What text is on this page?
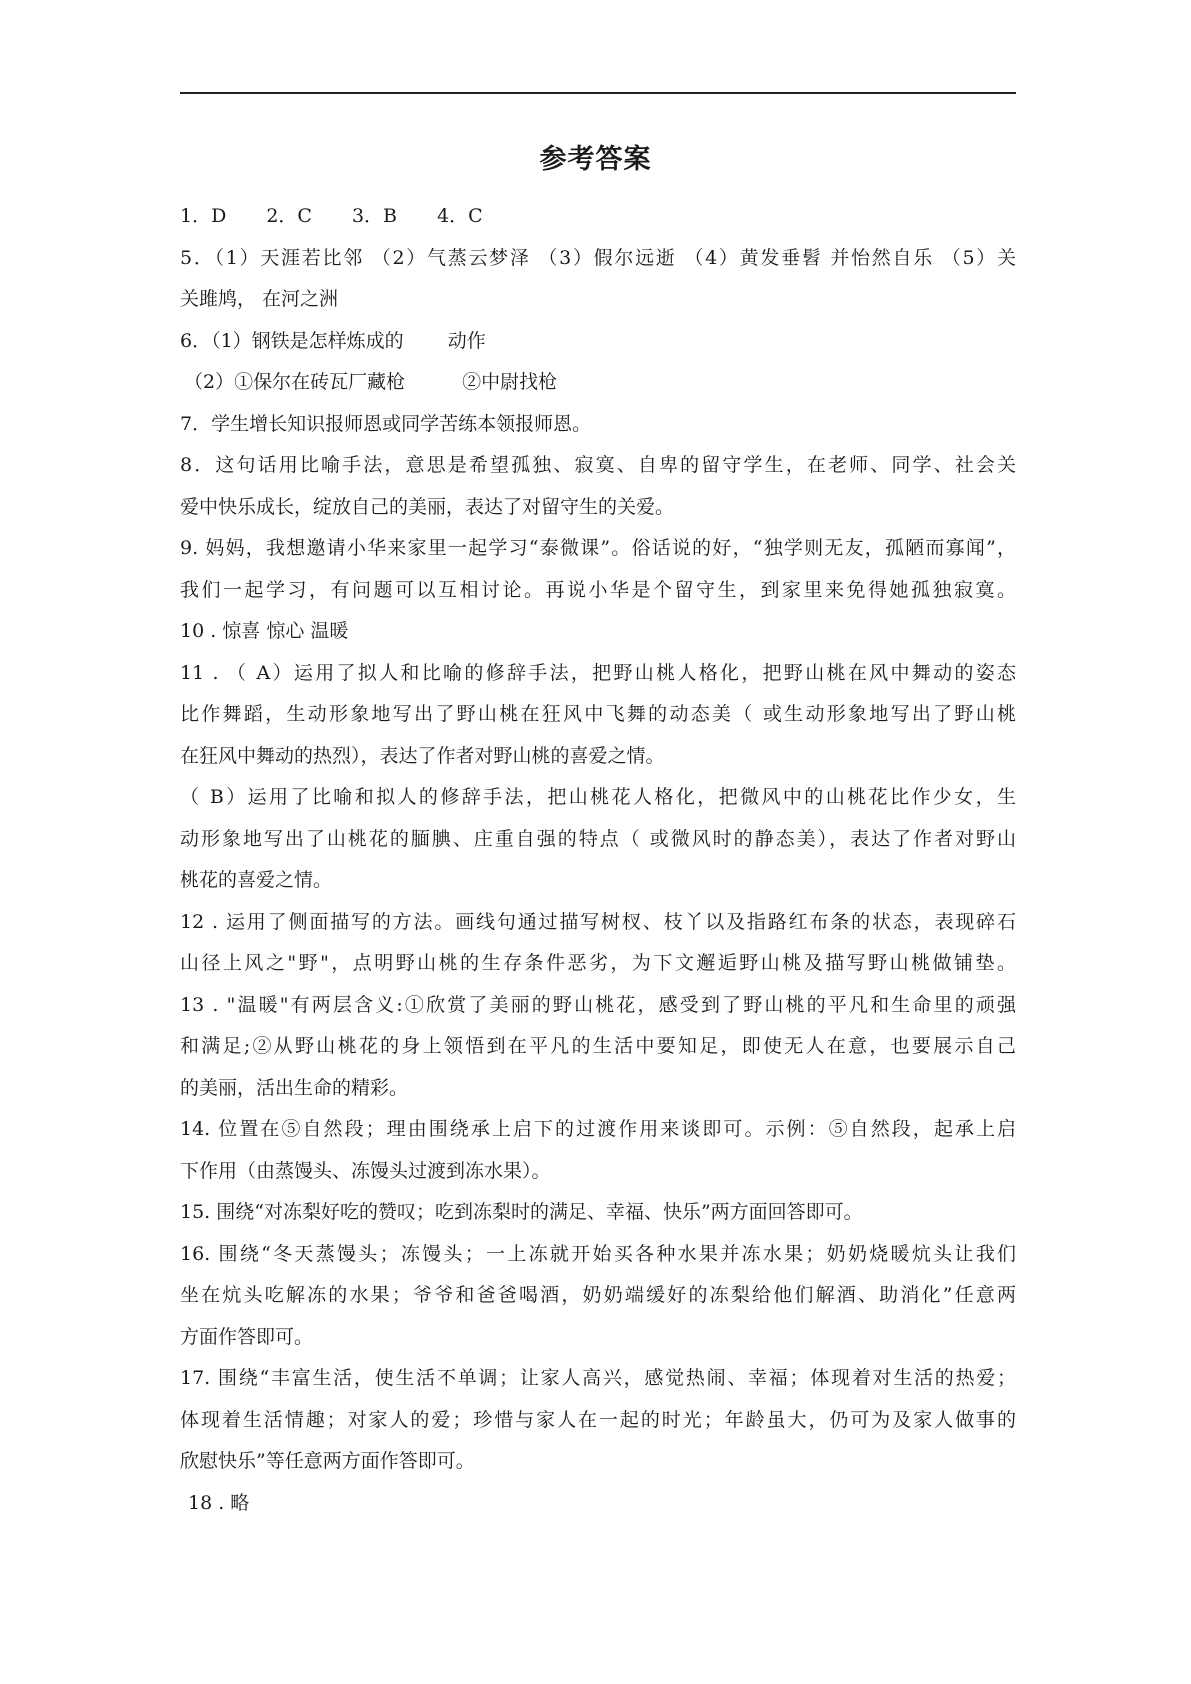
参考答案
1．D 2．C 3．B 4．C
5．（1）天涯若比邻 （2）气蒸云梦泽 （3）假尔远逝 （4）黄发垂髫 并怡然自乐 （5）关
关雎鸠， 在河之洲
6．（1）钢铁是怎样炼成的　　 动作
（2）①保尔在砖瓦厂藏枪　　　②中尉找枪
7．学生增长知识报师恩或同学苦练本领报师恩。
8．这句话用比喻手法，意思是希望孤独、寂寞、自卑的留守学生，在老师、同学、社会关
爱中快乐成长，绽放自己的美丽，表达了对留守生的关爱。
9. 妈妈，我想邀请小华来家里一起学习“泰微课”。俗话说的好，“独学则无友，孤陋而寡闻”，
我们一起学习，有问题可以互相讨论。再说小华是个留守生，到家里来免得她孤独寂寞。
10 . 惊喜 惊心 温暖
11 . （ A）运用了拟人和比喻的修辞手法，把野山桃人格化，把野山桃在风中舞动的姿态
比作舞蹈，生动形象地写出了野山桃在狂风中飞舞的动态美（ 或生动形象地写出了野山桃
在狂风中舞动的热烈），表达了作者对野山桃的喜爱之情。
（ B）运用了比喻和拟人的修辞手法，把山桃花人格化，把微风中的山桃花比作少女，生
动形象地写出了山桃花的腼腆、庄重自强的特点（ 或微风时的静态美），表达了作者对野山
桃花的喜爱之情。
12 . 运用了侧面描写的方法。画线句通过描写树杈、枝丫以及指路红布条的状态，表现碎石
山径上风之"野"，点明野山桃的生存条件恶劣，为下文邂逅野山桃及描写野山桃做铺垫。
13 . "温暖"有两层含义:①欣赏了美丽的野山桃花，感受到了野山桃的平凡和生命里的顽强
和满足;②从野山桃花的身上领悟到在平凡的生活中要知足，即使无人在意，也要展示自己
的美丽，活出生命的精彩。
14. 位置在⑤自然段；理由围绕承上启下的过渡作用来谈即可。示例：⑤自然段，起承上启
下作用（由蒸馒头、冻馒头过渡到冻水果）。
15. 围绕“对冻梨好吃的赞叹；吃到冻梨时的满足、幸福、快乐”两方面回答即可。
16. 围绕“冬天蒸馒头；冻馒头；一上冻就开始买各种水果并冻水果；奶奶烧暖炕头让我们
坐在炕头吃解冻的水果；爷爷和爸爸喝酒，奶奶端缓好的冻梨给他们解酒、助消化”任意两
方面作答即可。
17. 围绕“丰富生活，使生活不单调；让家人高兴，感觉热闹、幸福；体现着对生活的热爱；
体现着生活情趣；对家人的爱；珍惜与家人在一起的时光；年龄虽大，仍可为及家人做事的
欣慰快乐”等任意两方面作答即可。
18 . 略
